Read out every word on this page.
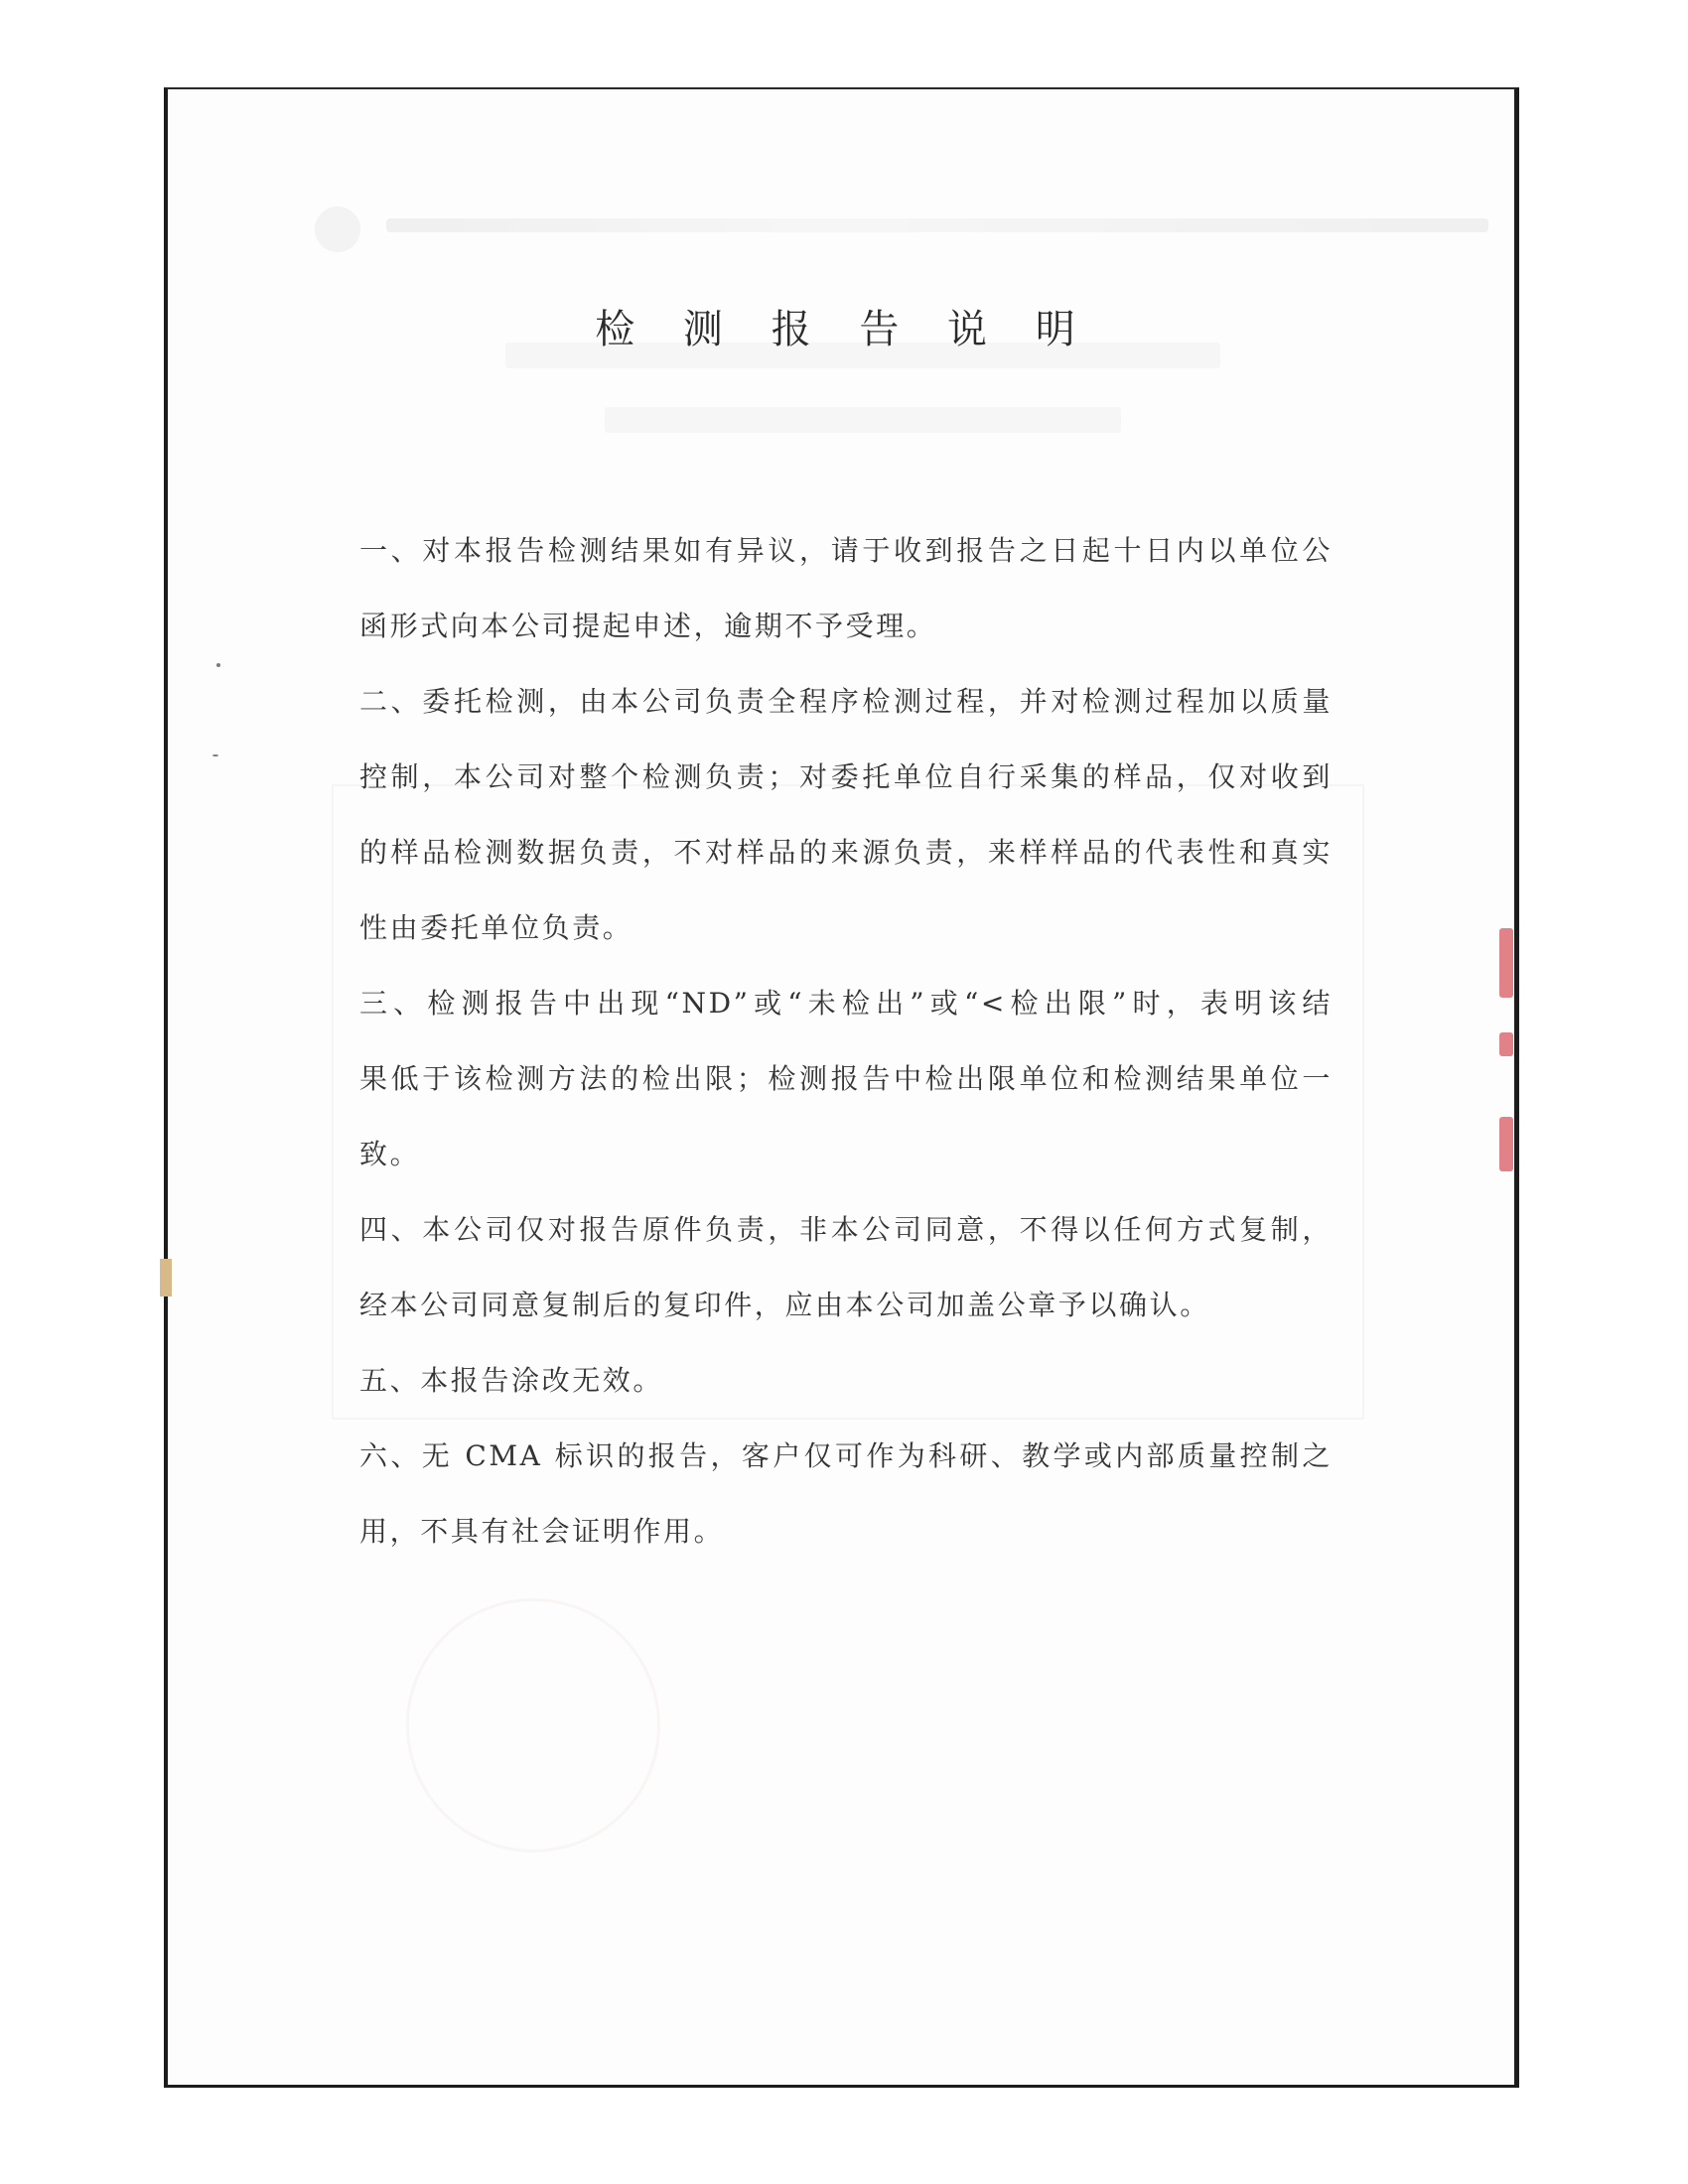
检 测 报 告 说 明
一、对本报告检测结果如有异议，请于收到报告之日起十日内以单位公
函形式向本公司提起申述，逾期不予受理。
二、委托检测，由本公司负责全程序检测过程，并对检测过程加以质量
控制，本公司对整个检测负责；对委托单位自行采集的样品，仅对收到
的样品检测数据负责，不对样品的来源负责，来样样品的代表性和真实
性由委托单位负责。
三、检测报告中出现“ND”或“未检出”或“<检出限”时，表明该结
果低于该检测方法的检出限；检测报告中检出限单位和检测结果单位一
致。
四、本公司仅对报告原件负责，非本公司同意，不得以任何方式复制，
经本公司同意复制后的复印件，应由本公司加盖公章予以确认。
五、本报告涂改无效。
六、无 CMA 标识的报告，客户仅可作为科研、教学或内部质量控制之
用，不具有社会证明作用。
